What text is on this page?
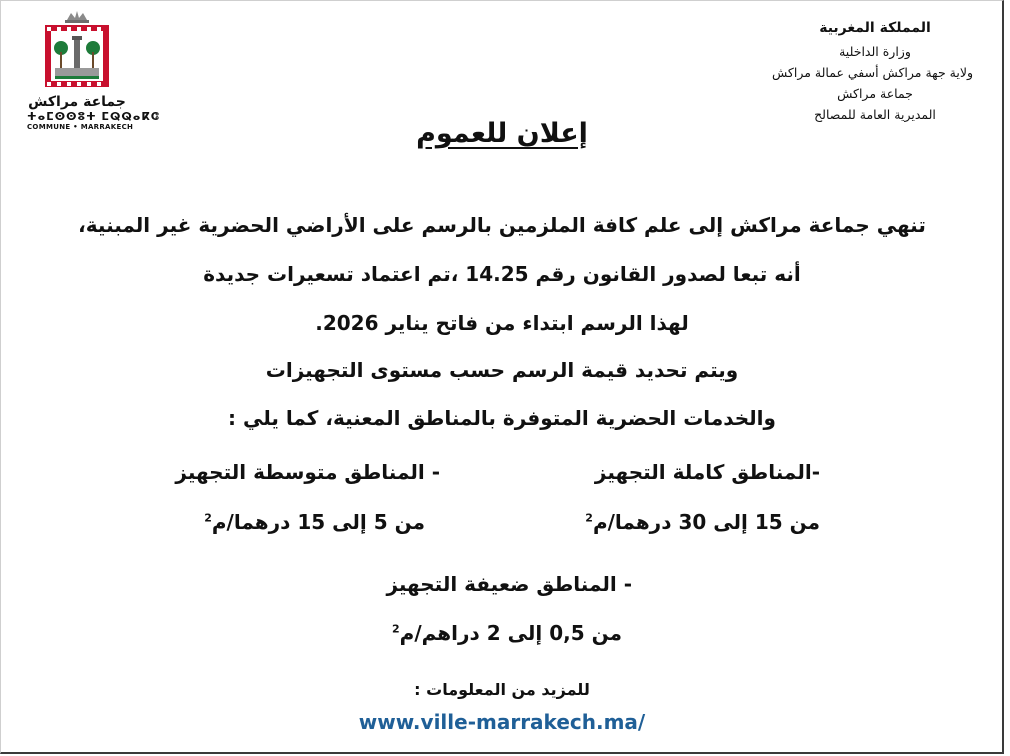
جماعة مراكش
ⵜⴰⵎⵙⵙⵓⵜ ⵎⵕⵕⴰⴽⵛ
COMMUNE • MARRAKECH
المملكة المغربية
وزارة الداخلية
ولاية جهة مراكش أسفي عمالة مراكش
جماعة مراكش
المديرية العامة للمصالح
إعلان للعموم
تنهي جماعة مراكش إلى علم كافة الملزمين بالرسم على الأراضي الحضرية غير المبنية،
أنه تبعا لصدور القانون رقم 14.25 ،تم اعتماد تسعيرات جديدة
لهذا الرسم ابتداء من فاتح يناير 2026.
ويتم تحديد قيمة الرسم حسب مستوى التجهيزات
والخدمات الحضرية المتوفرة بالمناطق المعنية، كما يلي :
-المناطق كاملة التجهيز
من 15 إلى 30 درهما/م$^2$
- المناطق متوسطة التجهيز
من 5 إلى 15 درهما/م$^2$
- المناطق ضعيفة التجهيز
من 0,5 إلى 2 دراهم/م$^2$
للمزيد من المعلومات :
www.ville-marrakech.ma/
